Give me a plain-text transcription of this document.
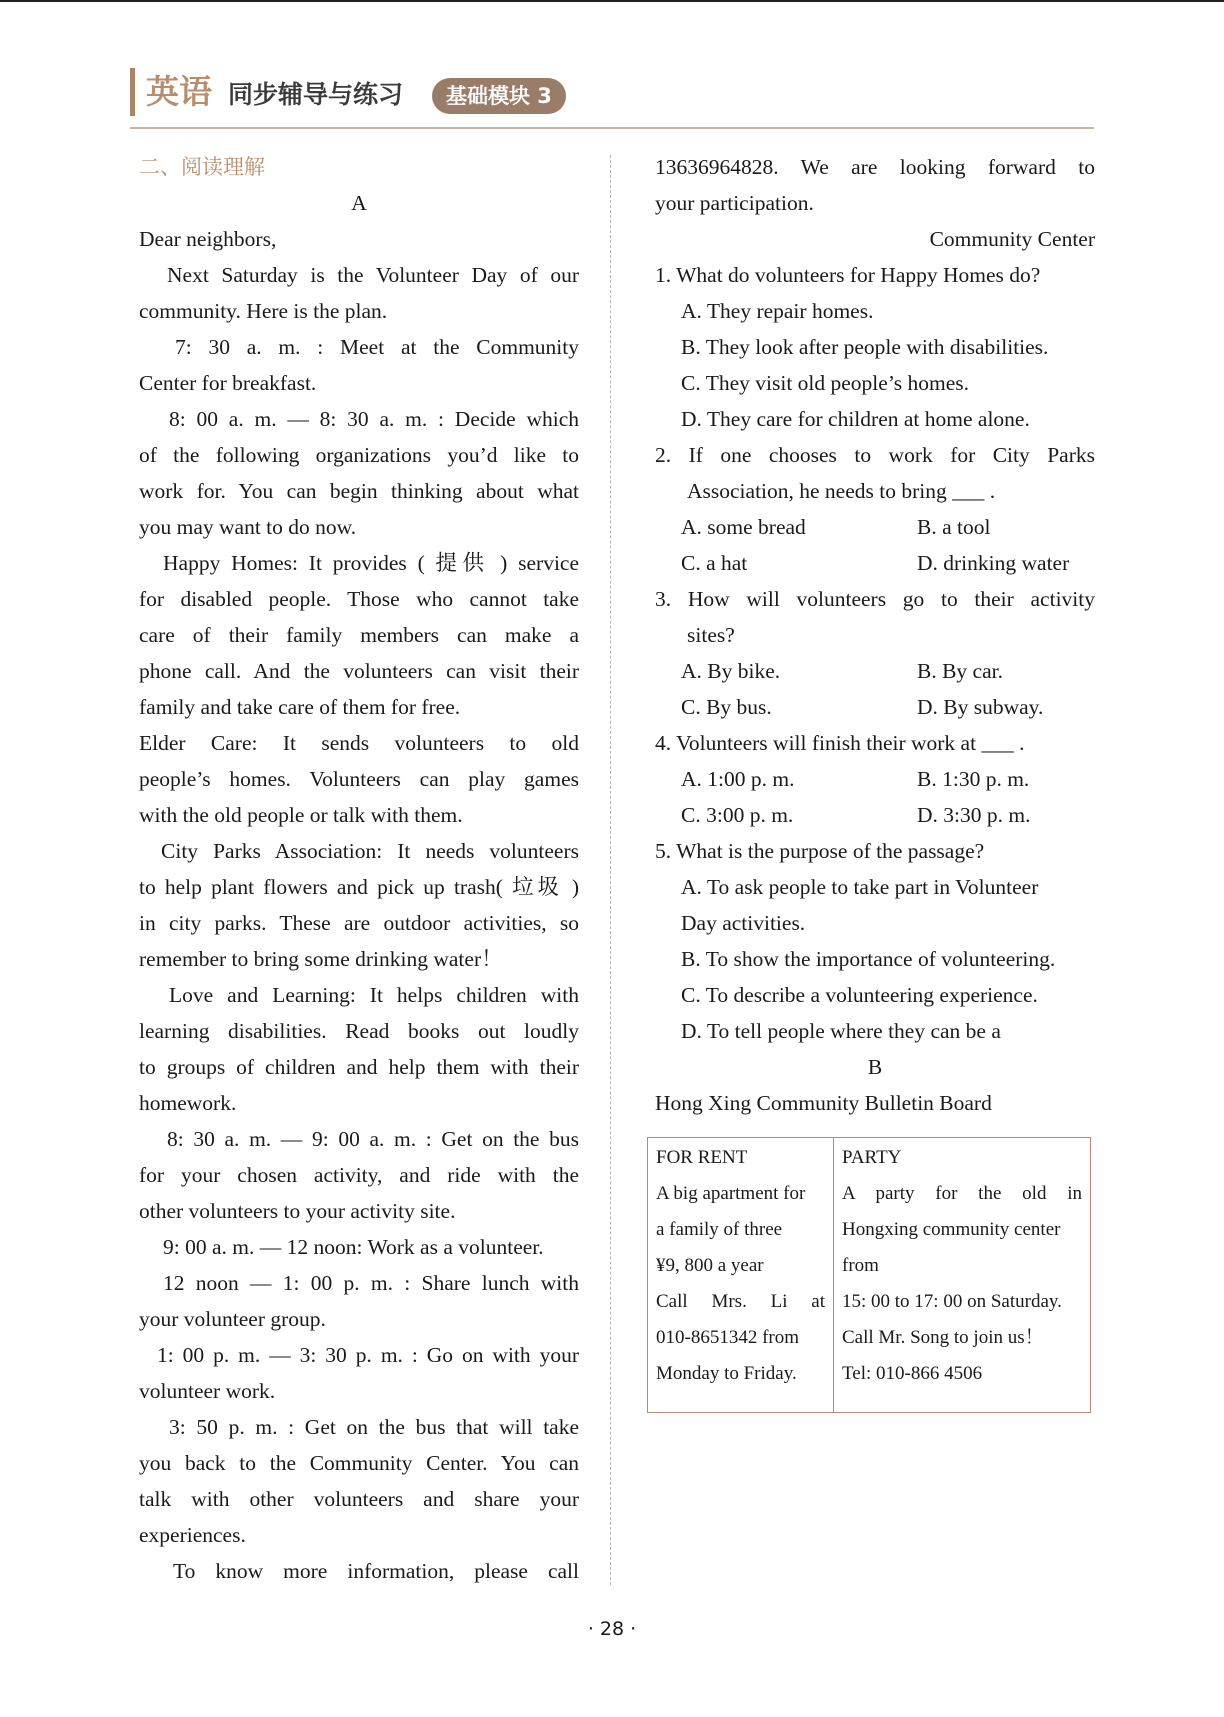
英语 同步辅导与练习	基础模块 3
二、阅读理解
A
Dear neighbors,
Next Saturday is the Volunteer Day of our
community. Here is the plan.
7: 30 a. m. : Meet at the Community
Center for breakfast.
8: 00 a. m. — 8: 30 a. m. : Decide which
of the following organizations you’d like to
work for. You can begin thinking about what
you may want to do now.
Happy Homes: It provides ( 提供 ) service
for disabled people. Those who cannot take
care of their family members can make a
phone call. And the volunteers can visit their
family and take care of them for free.
Elder Care: It sends volunteers to old
people’s homes. Volunteers can play games
with the old people or talk with them.
City Parks Association: It needs volunteers
to help plant flowers and pick up trash( 垃圾 )
in city parks. These are outdoor activities, so
remember to bring some drinking water！
Love and Learning: It helps children with
learning disabilities. Read books out loudly
to groups of children and help them with their
homework.
8: 30 a. m. — 9: 00 a. m. : Get on the bus
for your chosen activity, and ride with the
other volunteers to your activity site.
9: 00 a. m. — 12 noon: Work as a volunteer.
12 noon — 1: 00 p. m. : Share lunch with
your volunteer group.
1: 00 p. m. — 3: 30 p. m. : Go on with your
volunteer work.
3: 50 p. m. : Get on the bus that will take
you back to the Community Center. You can
talk with other volunteers and share your
experiences.
To know more information, please call
13636964828. We are looking forward to
your participation.
Community Center
1. What do volunteers for Happy Homes do?
A. They repair homes.
B. They look after people with disabilities.
C. They visit old people’s homes.
D. They care for children at home alone.
2. If one chooses to work for City Parks
Association, he needs to bring ___ .
A. some bread	B. a tool
C. a hat	D. drinking water
3. How will volunteers go to their activity
sites?
A. By bike.	B. By car.
C. By bus.	D. By subway.
4. Volunteers will finish their work at ___ .
A. 1:00 p. m.	B. 1:30 p. m.
C. 3:00 p. m.	D. 3:30 p. m.
5. What is the purpose of the passage?
A. To ask people to take part in Volunteer
Day activities.
B. To show the importance of volunteering.
C. To describe a volunteering experience.
D. To tell people where they can be a
B
Hong Xing Community Bulletin Board
FOR RENT
A big apartment for
a family of three
¥9, 800 a year
Call Mrs. Li at
010-8651342 from
Monday to Friday.
PARTY
A party for the old in
Hongxing community center
from
15: 00 to 17: 00 on Saturday.
Call Mr. Song to join us！
Tel: 010-866 4506
· 28 ·
